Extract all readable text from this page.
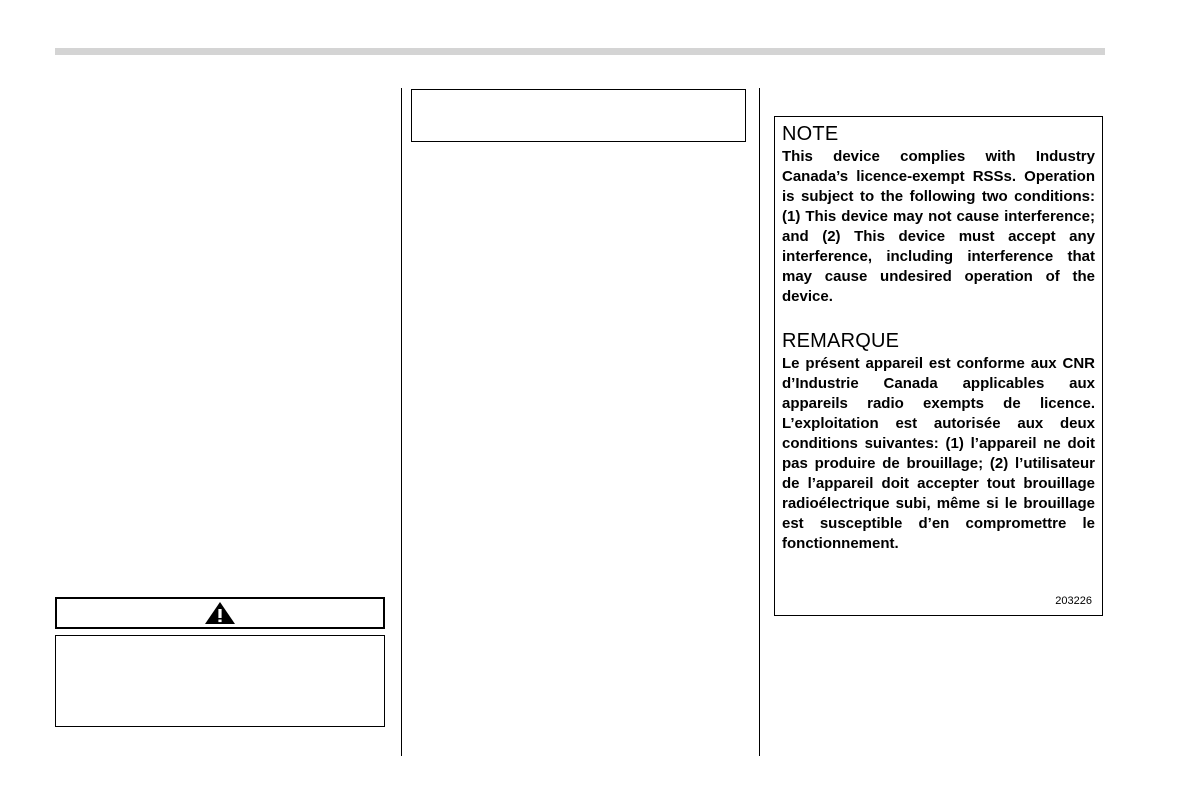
NOTE

This device complies with Industry Canada’s licence-exempt RSSs. Operation is subject to the following two conditions: (1) This device may not cause interference; and (2) This device must accept any interference, including interference that may cause undesired operation of the device.

REMARQUE

Le présent appareil est conforme aux CNR d’Industrie Canada applicables aux appareils radio exempts de licence. L’exploitation est autorisée aux deux conditions suivantes: (1) l’appareil ne doit pas produire de brouillage; (2) l’utilisateur de l’appareil doit accepter tout brouillage radioélectrique subi, même si le brouillage est susceptible d’en compromettre le fonctionnement.

203226
